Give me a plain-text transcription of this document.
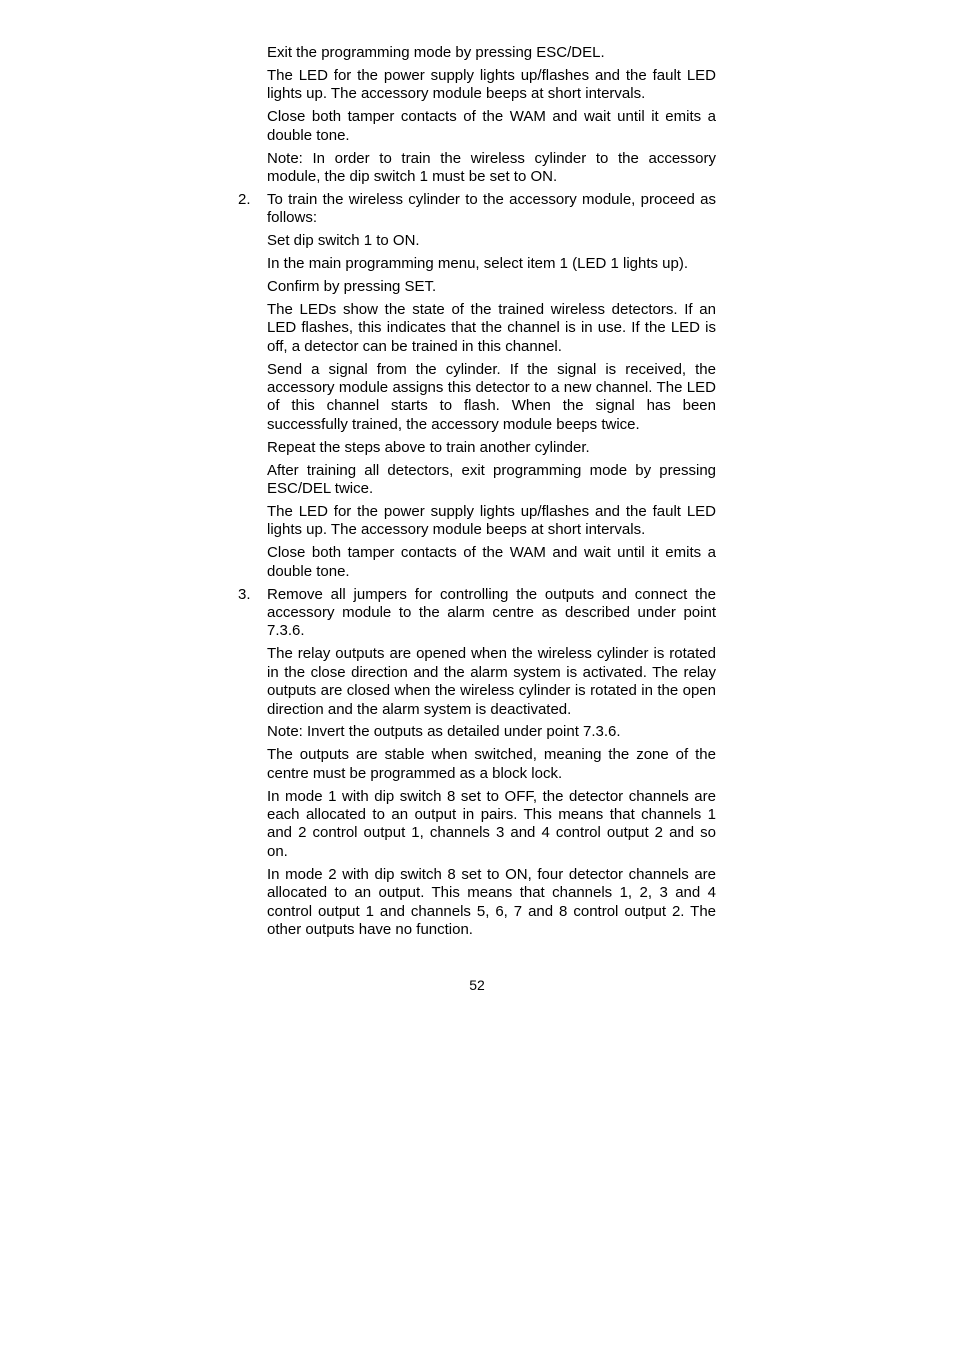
Exit the programming mode by pressing ESC/DEL.

The LED for the power supply lights up/flashes and the fault LED lights up. The accessory module beeps at short intervals.

Close both tamper contacts of the WAM and wait until it emits a double tone.

Note: In order to train the wireless cylinder to the accessory module, the dip switch 1 must be set to ON.

2. To train the wireless cylinder to the accessory module, proceed as follows:

Set dip switch 1 to ON.

In the main programming menu, select item 1 (LED 1 lights up).

Confirm by pressing SET.

The LEDs show the state of the trained wireless detectors. If an LED flashes, this indicates that the channel is in use. If the LED is off, a detector can be trained in this channel.

Send a signal from the cylinder. If the signal is received, the accessory module assigns this detector to a new channel. The LED of this channel starts to flash. When the signal has been successfully trained, the accessory module beeps twice.

Repeat the steps above to train another cylinder.

After training all detectors, exit programming mode by pressing ESC/DEL twice.

The LED for the power supply lights up/flashes and the fault LED lights up. The accessory module beeps at short intervals.

Close both tamper contacts of the WAM and wait until it emits a double tone.

3. Remove all jumpers for controlling the outputs and connect the accessory module to the alarm centre as described under point 7.3.6.

The relay outputs are opened when the wireless cylinder is rotated in the close direction and the alarm system is activated. The relay outputs are closed when the wireless cylinder is rotated in the open direction and the alarm system is deactivated.

Note: Invert the outputs as detailed under point 7.3.6.

The outputs are stable when switched, meaning the zone of the centre must be programmed as a block lock.

In mode 1 with dip switch 8 set to OFF, the detector channels are each allocated to an output in pairs. This means that channels 1 and 2 control output 1, channels 3 and 4 control output 2 and so on.

In mode 2 with dip switch 8 set to ON, four detector channels are allocated to an output. This means that channels 1, 2, 3 and 4 control output 1 and channels 5, 6, 7 and 8 control output 2. The other outputs have no function.

52
